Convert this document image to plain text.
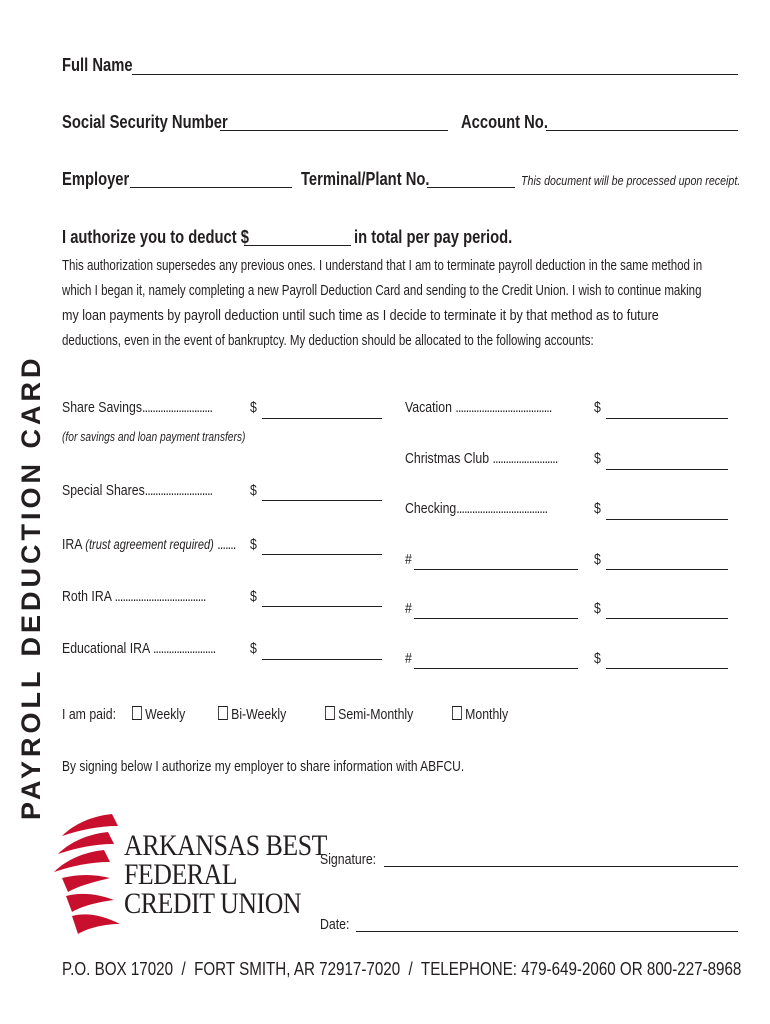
PAYROLL DEDUCTION CARD
Full Name
Social Security Number	Account No.
Employer	Terminal/Plant No.	This document will be processed upon receipt.
I authorize you to deduct $	in total per pay period.
This authorization supersedes any previous ones. I understand that I am to terminate payroll deduction in the same method in
which I began it, namely completing a new Payroll Deduction Card and sending to the Credit Union. I wish to continue making
my loan payments by payroll deduction until such time as I decide to terminate it by that method as to future
deductions, even in the event of bankruptcy. My deduction should be allocated to the following accounts:
Share Savings...........................	$
(for savings and loan payment transfers)
Special Shares..........................	$
IRA (trust agreement required) ....... $
Roth IRA ...................................	$
Educational IRA ........................ $
Vacation .....................................	$
Christmas Club ......................... $
Checking...................................	$
#	$
#	$
#	$
I am paid:	Weekly	Bi-Weekly	Semi-Monthly	Monthly
By signing below I authorize my employer to share information with ABFCU.
ARKANSAS BEST
FEDERAL
CREDIT UNION
Signature:
Date:
P.O. BOX 17020  /  FORT SMITH, AR 72917-7020  /  TELEPHONE: 479-649-2060 OR 800-227-8968
